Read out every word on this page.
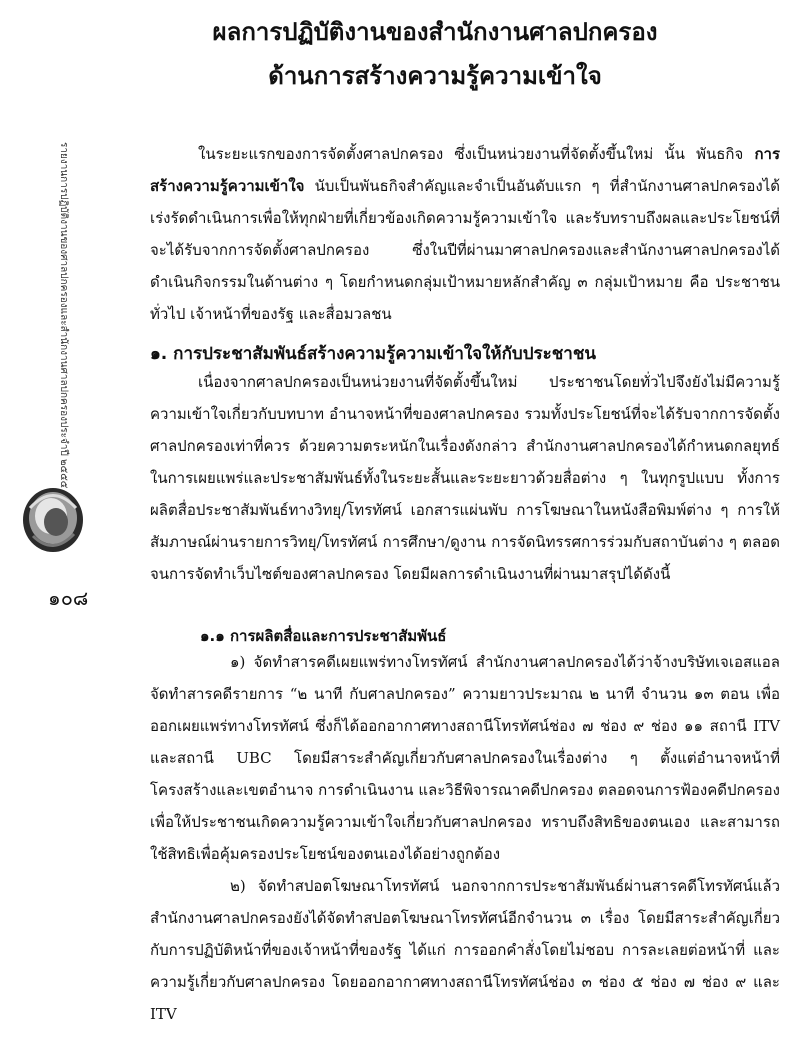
ผลการปฏิบัติงานของสำนักงานศาลปกครอง
ด้านการสร้างความรู้ความเข้าใจ
รายงานการปฏิบัติงานของศาลปกครองและสำนักงานศาลปกครองประจำปี ๒๕๕๕
๑๐๘

ในระยะแรกของการจัดตั้งศาลปกครอง ซึ่งเป็นหน่วยงานที่จัดตั้งขึ้นใหม่ นั้น พันธกิจ การสร้างความรู้ความเข้าใจ นับเป็นพันธกิจสำคัญและจำเป็นอันดับแรก ๆ ที่สำนักงานศาลปกครองได้เร่งรัดดำเนินการเพื่อให้ทุกฝ่ายที่เกี่ยวข้องเกิดความรู้ความเข้าใจ และรับทราบถึงผลและประโยชน์ที่จะได้รับจากการจัดตั้งศาลปกครอง ซึ่งในปีที่ผ่านมาศาลปกครองและสำนักงานศาลปกครองได้ดำเนินกิจกรรมในด้านต่าง ๆ โดยกำหนดกลุ่มเป้าหมายหลักสำคัญ ๓ กลุ่มเป้าหมาย คือ ประชาชนทั่วไป เจ้าหน้าที่ของรัฐ และสื่อมวลชน

๑. การประชาสัมพันธ์สร้างความรู้ความเข้าใจให้กับประชาชน

เนื่องจากศาลปกครองเป็นหน่วยงานที่จัดตั้งขึ้นใหม่ ประชาชนโดยทั่วไปจึงยังไม่มีความรู้ความเข้าใจเกี่ยวกับบทบาท อำนาจหน้าที่ของศาลปกครอง รวมทั้งประโยชน์ที่จะได้รับจากการจัดตั้งศาลปกครองเท่าที่ควร ด้วยความตระหนักในเรื่องดังกล่าว สำนักงานศาลปกครองได้กำหนดกลยุทธ์ในการเผยแพร่และประชาสัมพันธ์ทั้งในระยะสั้นและระยะยาวด้วยสื่อต่าง ๆ ในทุกรูปแบบ ทั้งการผลิตสื่อประชาสัมพันธ์ทางวิทยุ/โทรทัศน์ เอกสารแผ่นพับ การโฆษณาในหนังสือพิมพ์ต่าง ๆ การให้สัมภาษณ์ผ่านรายการวิทยุ/โทรทัศน์ การศึกษา/ดูงาน การจัดนิทรรศการร่วมกับสถาบันต่าง ๆ ตลอดจนการจัดทำเว็บไซต์ของศาลปกครอง โดยมีผลการดำเนินงานที่ผ่านมาสรุปได้ดังนี้

๑.๑ การผลิตสื่อและการประชาสัมพันธ์

๑) จัดทำสารคดีเผยแพร่ทางโทรทัศน์ สำนักงานศาลปกครองได้ว่าจ้างบริษัทเจเอสแอล จัดทำสารคดีรายการ “๒ นาที กับศาลปกครอง” ความยาวประมาณ ๒ นาที จำนวน ๑๓ ตอน เพื่อออกเผยแพร่ทางโทรทัศน์ ซึ่งก็ได้ออกอากาศทางสถานีโทรทัศน์ช่อง ๗ ช่อง ๙ ช่อง ๑๑ สถานี ITV และสถานี UBC โดยมีสาระสำคัญเกี่ยวกับศาลปกครองในเรื่องต่าง ๆ ตั้งแต่อำนาจหน้าที่ โครงสร้างและเขตอำนาจ การดำเนินงาน และวิธีพิจารณาคดีปกครอง ตลอดจนการฟ้องคดีปกครอง เพื่อให้ประชาชนเกิดความรู้ความเข้าใจเกี่ยวกับศาลปกครอง ทราบถึงสิทธิของตนเอง และสามารถใช้สิทธิเพื่อคุ้มครองประโยชน์ของตนเองได้อย่างถูกต้อง

๒) จัดทำสปอตโฆษณาโทรทัศน์ นอกจากการประชาสัมพันธ์ผ่านสารคดีโทรทัศน์แล้ว สำนักงานศาลปกครองยังได้จัดทำสปอตโฆษณาโทรทัศน์อีกจำนวน ๓ เรื่อง โดยมีสาระสำคัญเกี่ยวกับการปฏิบัติหน้าที่ของเจ้าหน้าที่ของรัฐ ได้แก่ การออกคำสั่งโดยไม่ชอบ การละเลยต่อหน้าที่ และความรู้เกี่ยวกับศาลปกครอง โดยออกอากาศทางสถานีโทรทัศน์ช่อง ๓ ช่อง ๕ ช่อง ๗ ช่อง ๙ และ ITV
